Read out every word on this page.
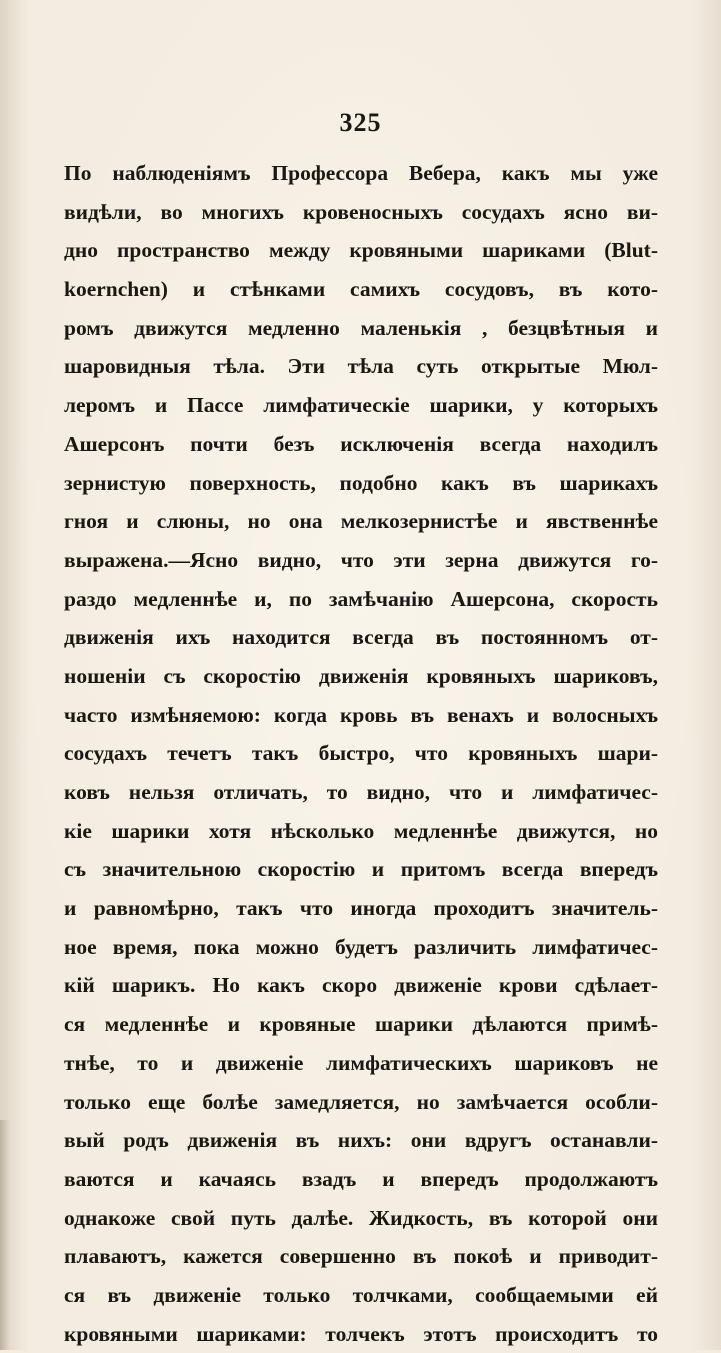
325
По наблюденіямъ Профессора Вебера, какъ мы уже
видѣли, во многихъ кровеносныхъ сосудахъ ясно ви-
дно пространство между кровяными шариками (Blut-
koernchen) и стѣнками самихъ сосудовъ, въ кото-
ромъ движутся медленно маленькія , безцвѣтныя и
шаровидныя тѣла. Эти тѣла суть открытые Мюл-
леромъ и Пассе лимфатическіе шарики, у которыхъ
Ашерсонъ почти безъ исключенія всегда находилъ
зернистую поверхность, подобно какъ въ шарикахъ
гноя и слюны, но она мелкозернистѣе и явственнѣе
выражена.—Ясно видно, что эти зерна движутся го-
раздо медленнѣе и, по замѣчанію Ашерсона, скорость
движенія ихъ находится всегда въ постоянномъ от-
ношеніи съ скоростію движенія кровяныхъ шариковъ,
часто измѣняемою: когда кровь въ венахъ и волосныхъ
сосудахъ течетъ такъ быстро, что кровяныхъ шари-
ковъ нельзя отличать, то видно, что и лимфатичес-
кіе шарики хотя нѣсколько медленнѣе движутся, но
съ значительною скоростію и притомъ всегда впередъ
и равномѣрно, такъ что иногда проходитъ значитель-
ное время, пока можно будетъ различить лимфатичес-
кій шарикъ. Но какъ скоро движеніе крови сдѣлает-
ся медленнѣе и кровяные шарики дѣлаются примѣ-
тнѣе, то и движеніе лимфатическихъ шариковъ не
только еще болѣе замедляется, но замѣчается особли-
вый родъ движенія въ нихъ: они вдругъ останавли-
ваются и качаясь взадъ и впередъ продолжаютъ
однакоже свой путь далѣе. Жидкость, въ которой они
плаваютъ, кажется совершенно въ покоѣ и приводит-
ся въ движеніе только толчками, сообщаемыми ей
кровяными шариками: толчекъ этотъ происходитъ то
